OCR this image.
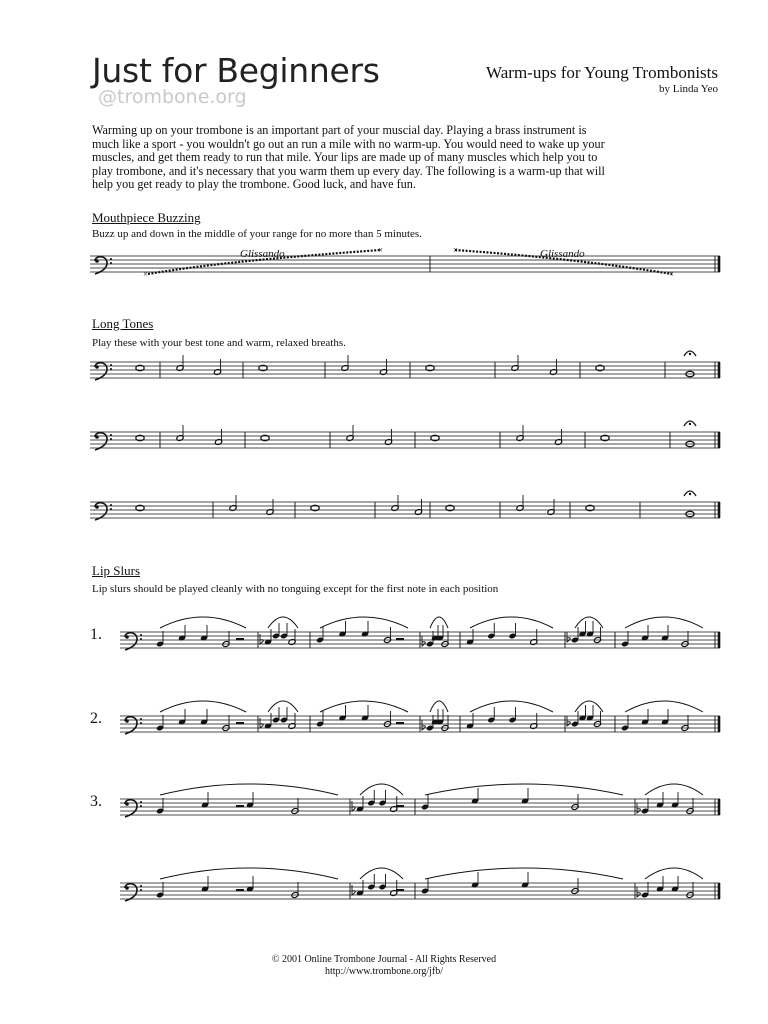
Just for Beginners
@trombone.org
Warm-ups for Young Trombonists
by Linda Yeo
Warming up on your trombone is an important part of your muscial day. Playing a brass instrument is
much like a sport - you wouldn't go out an run a mile with no warm-up. You would need to wake up your
muscles, and get them ready to run that mile. Your lips are made up of many muscles which help you to
play trombone, and it's necessary that you warm them up every day. The following is a warm-up that will
help you get ready to play the trombone. Good luck, and have fun.
Mouthpiece Buzzing
Buzz up and down in the middle of your range for no more than 5 minutes.
Long Tones
Play these with your best tone and warm, relaxed breaths.
Lip Slurs
Lip slurs should be played cleanly with no tonguing except for the first note in each position
1.
2.
3.
Glissando	Glissando
×
×	×
×
© 2001 Online Trombone Journal - All Rights Reserved
http://www.trombone.org/jfb/
